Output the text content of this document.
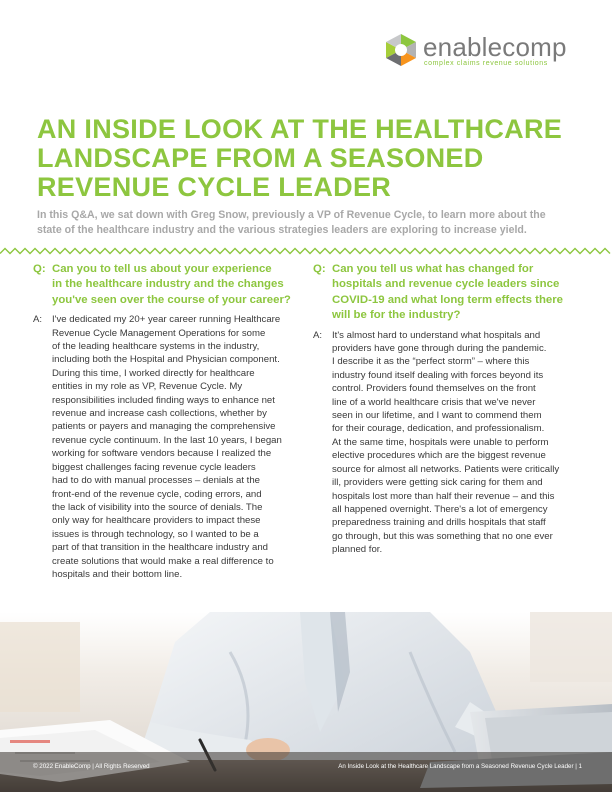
enablecomp
complex claims revenue solutions
AN INSIDE LOOK AT THE HEALTHCARE
LANDSCAPE FROM A SEASONED
REVENUE CYCLE LEADER
In this Q&A, we sat down with Greg Snow, previously a VP of Revenue Cycle, to learn more about the
state of the healthcare industry and the various strategies leaders are exploring to increase yield.
Q: Can you to tell us about your experience
in the healthcare industry and the changes
you've seen over the course of your career?
A: I've dedicated my 20+ year career running Healthcare
Revenue Cycle Management Operations for some
of the leading healthcare systems in the industry,
including both the Hospital and Physician component.
During this time, I worked directly for healthcare
entities in my role as VP, Revenue Cycle. My
responsibilities included finding ways to enhance net
revenue and increase cash collections, whether by
patients or payers and managing the comprehensive
revenue cycle continuum. In the last 10 years, I began
working for software vendors because I realized the
biggest challenges facing revenue cycle leaders
had to do with manual processes – denials at the
front-end of the revenue cycle, coding errors, and
the lack of visibility into the source of denials. The
only way for healthcare providers to impact these
issues is through technology, so I wanted to be a
part of that transition in the healthcare industry and
create solutions that would make a real difference to
hospitals and their bottom line.
Q: Can you tell us what has changed for
hospitals and revenue cycle leaders since
COVID-19 and what long term effects there
will be for the industry?
A: It's almost hard to understand what hospitals and
providers have gone through during the pandemic.
I describe it as the “perfect storm” – where this
industry found itself dealing with forces beyond its
control. Providers found themselves on the front
line of a world healthcare crisis that we've never
seen in our lifetime, and I want to commend them
for their courage, dedication, and professionalism.
At the same time, hospitals were unable to perform
elective procedures which are the biggest revenue
source for almost all networks. Patients were critically
ill, providers were getting sick caring for them and
hospitals lost more than half their revenue – and this
all happened overnight. There's a lot of emergency
preparedness training and drills hospitals that staff
go through, but this was something that no one ever
planned for.
© 2022 EnableComp | All Rights Reserved	An Inside Look at the Healthcare Landscape from a Seasoned Revenue Cycle Leader | 1
